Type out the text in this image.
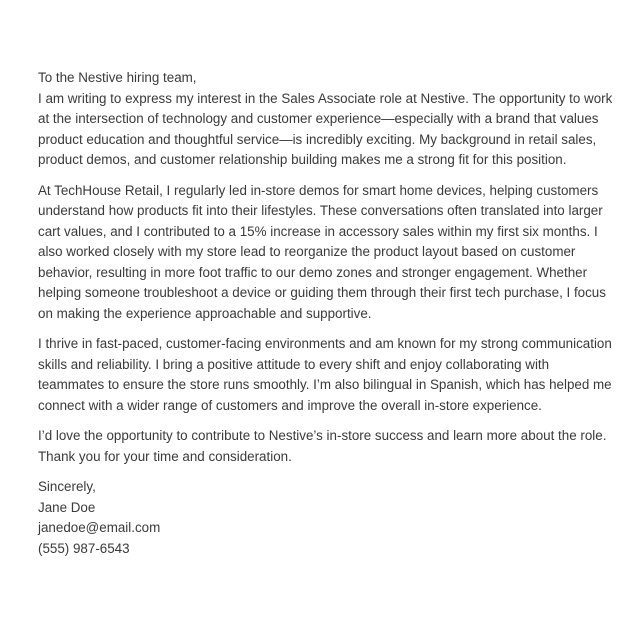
To the Nestive hiring team,

I am writing to express my interest in the Sales Associate role at Nestive. The opportunity to work at the intersection of technology and customer experience—especially with a brand that values product education and thoughtful service—is incredibly exciting. My background in retail sales, product demos, and customer relationship building makes me a strong fit for this position.

At TechHouse Retail, I regularly led in-store demos for smart home devices, helping customers understand how products fit into their lifestyles. These conversations often translated into larger cart values, and I contributed to a 15% increase in accessory sales within my first six months. I also worked closely with my store lead to reorganize the product layout based on customer behavior, resulting in more foot traffic to our demo zones and stronger engagement. Whether helping someone troubleshoot a device or guiding them through their first tech purchase, I focus on making the experience approachable and supportive.

I thrive in fast-paced, customer-facing environments and am known for my strong communication skills and reliability. I bring a positive attitude to every shift and enjoy collaborating with teammates to ensure the store runs smoothly. I’m also bilingual in Spanish, which has helped me connect with a wider range of customers and improve the overall in-store experience.

I’d love the opportunity to contribute to Nestive’s in-store success and learn more about the role. Thank you for your time and consideration.

Sincerely,
Jane Doe
janedoe@email.com
(555) 987-6543
